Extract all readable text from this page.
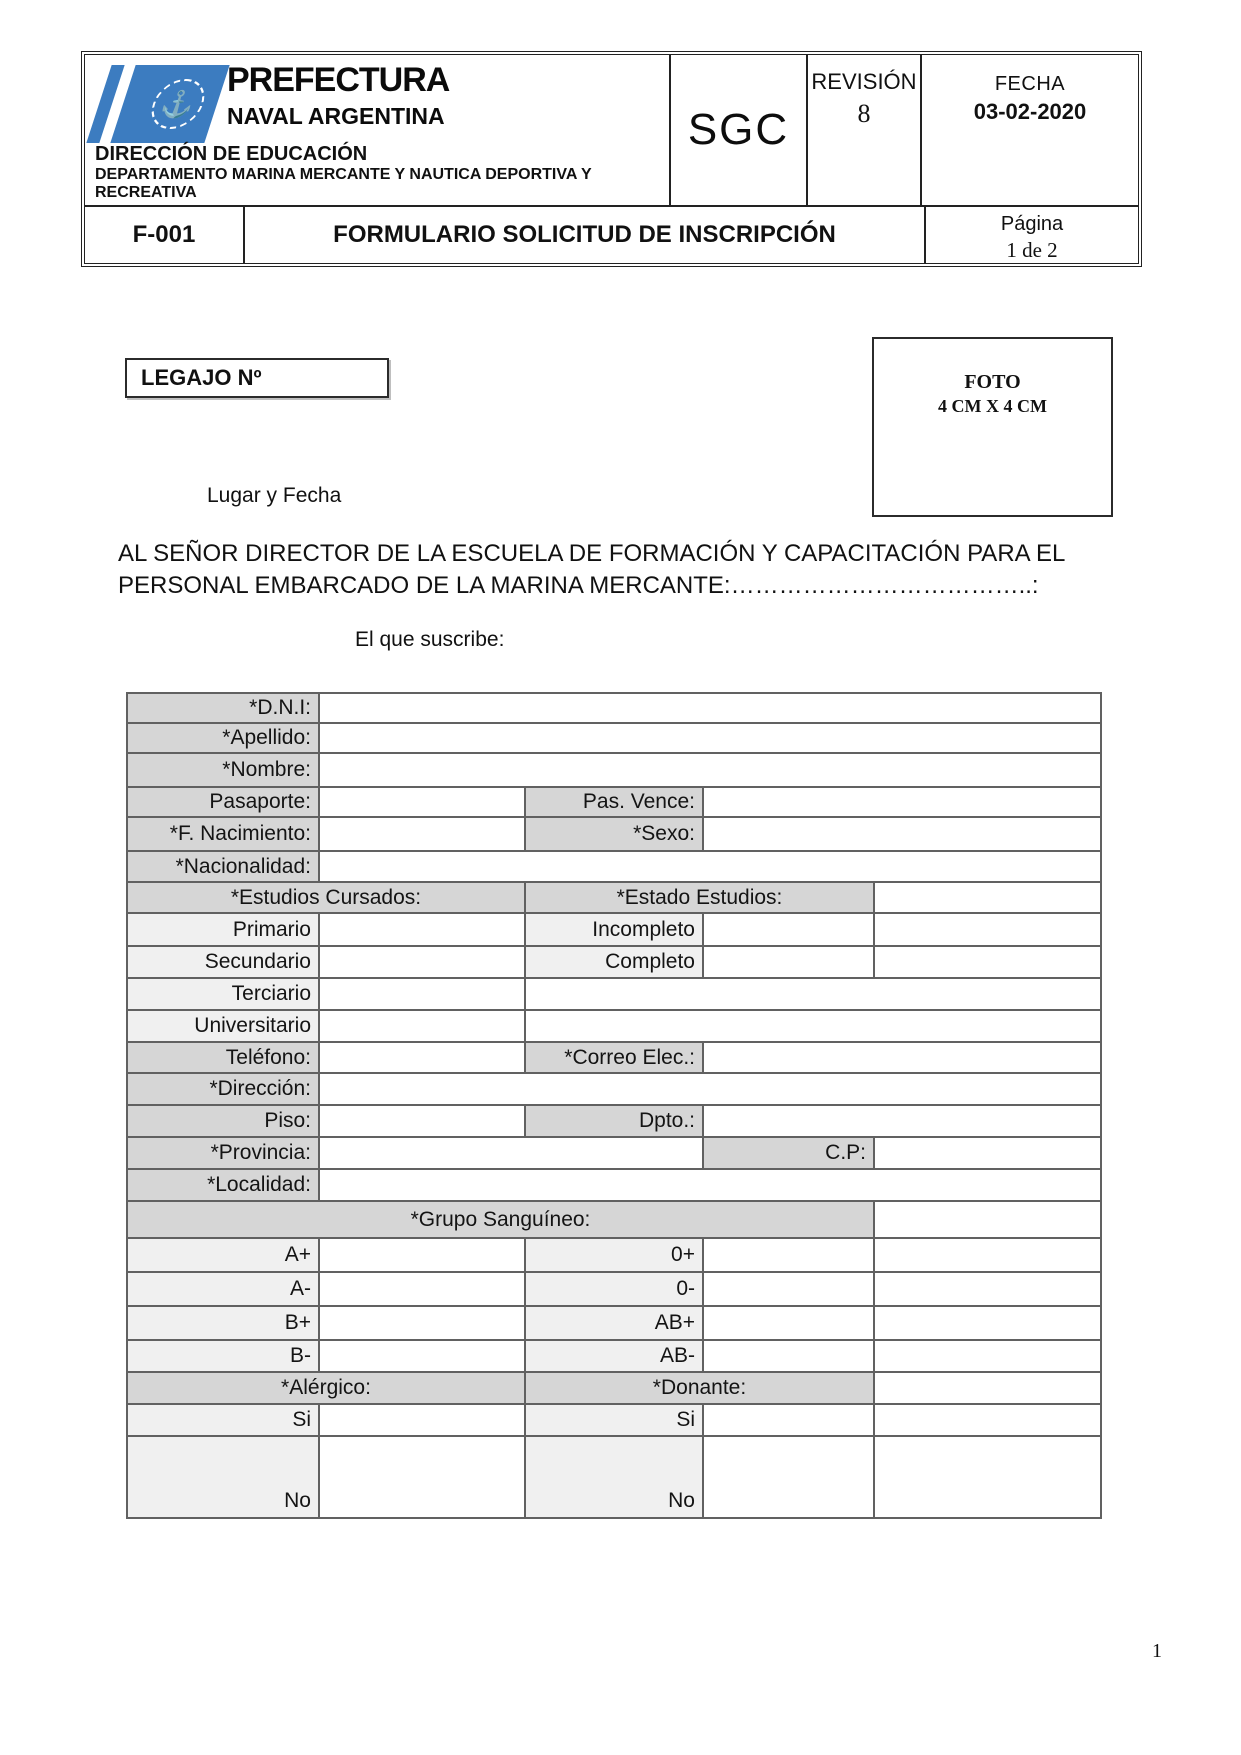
⚓
PREFECTURA
NAVAL ARGENTINA
DIRECCIÓN DE EDUCACIÓN
DEPARTAMENTO MARINA MERCANTE Y NAUTICA DEPORTIVA Y RECREATIVA
SGC
REVISIÓN
8
FECHA
03-02-2020
F-001	FORMULARIO SOLICITUD DE INSCRIPCIÓN	Página
1 de 2
LEGAJO Nº	FOTO
4 CM X 4 CM
Lugar y Fecha
AL SEÑOR DIRECTOR DE LA ESCUELA DE FORMACIÓN Y CAPACITACIÓN PARA EL
PERSONAL EMBARCADO DE LA MARINA MERCANTE:………………………………..:
El que suscribe:
*D.N.I:				
*Apellido:				
*Nombre:				
Pasaporte:		Pas. Vence:		
*F. Nacimiento:		*Sexo:		
*Nacionalidad:				
*Estudios Cursados:		*Estado Estudios:		
Primario		Incompleto		
Secundario		Completo		
Terciario				
Universitario				
Teléfono:		*Correo Elec.:		
*Dirección:				
Piso:		Dpto.:		
*Provincia:			C.P:	
*Localidad:				
*Grupo Sanguíneo:				
A+		0+		
A-		0-		
B+		AB+		
B-		AB-		
*Alérgico:		*Donante:		
Si		Si		
No		No		
1
